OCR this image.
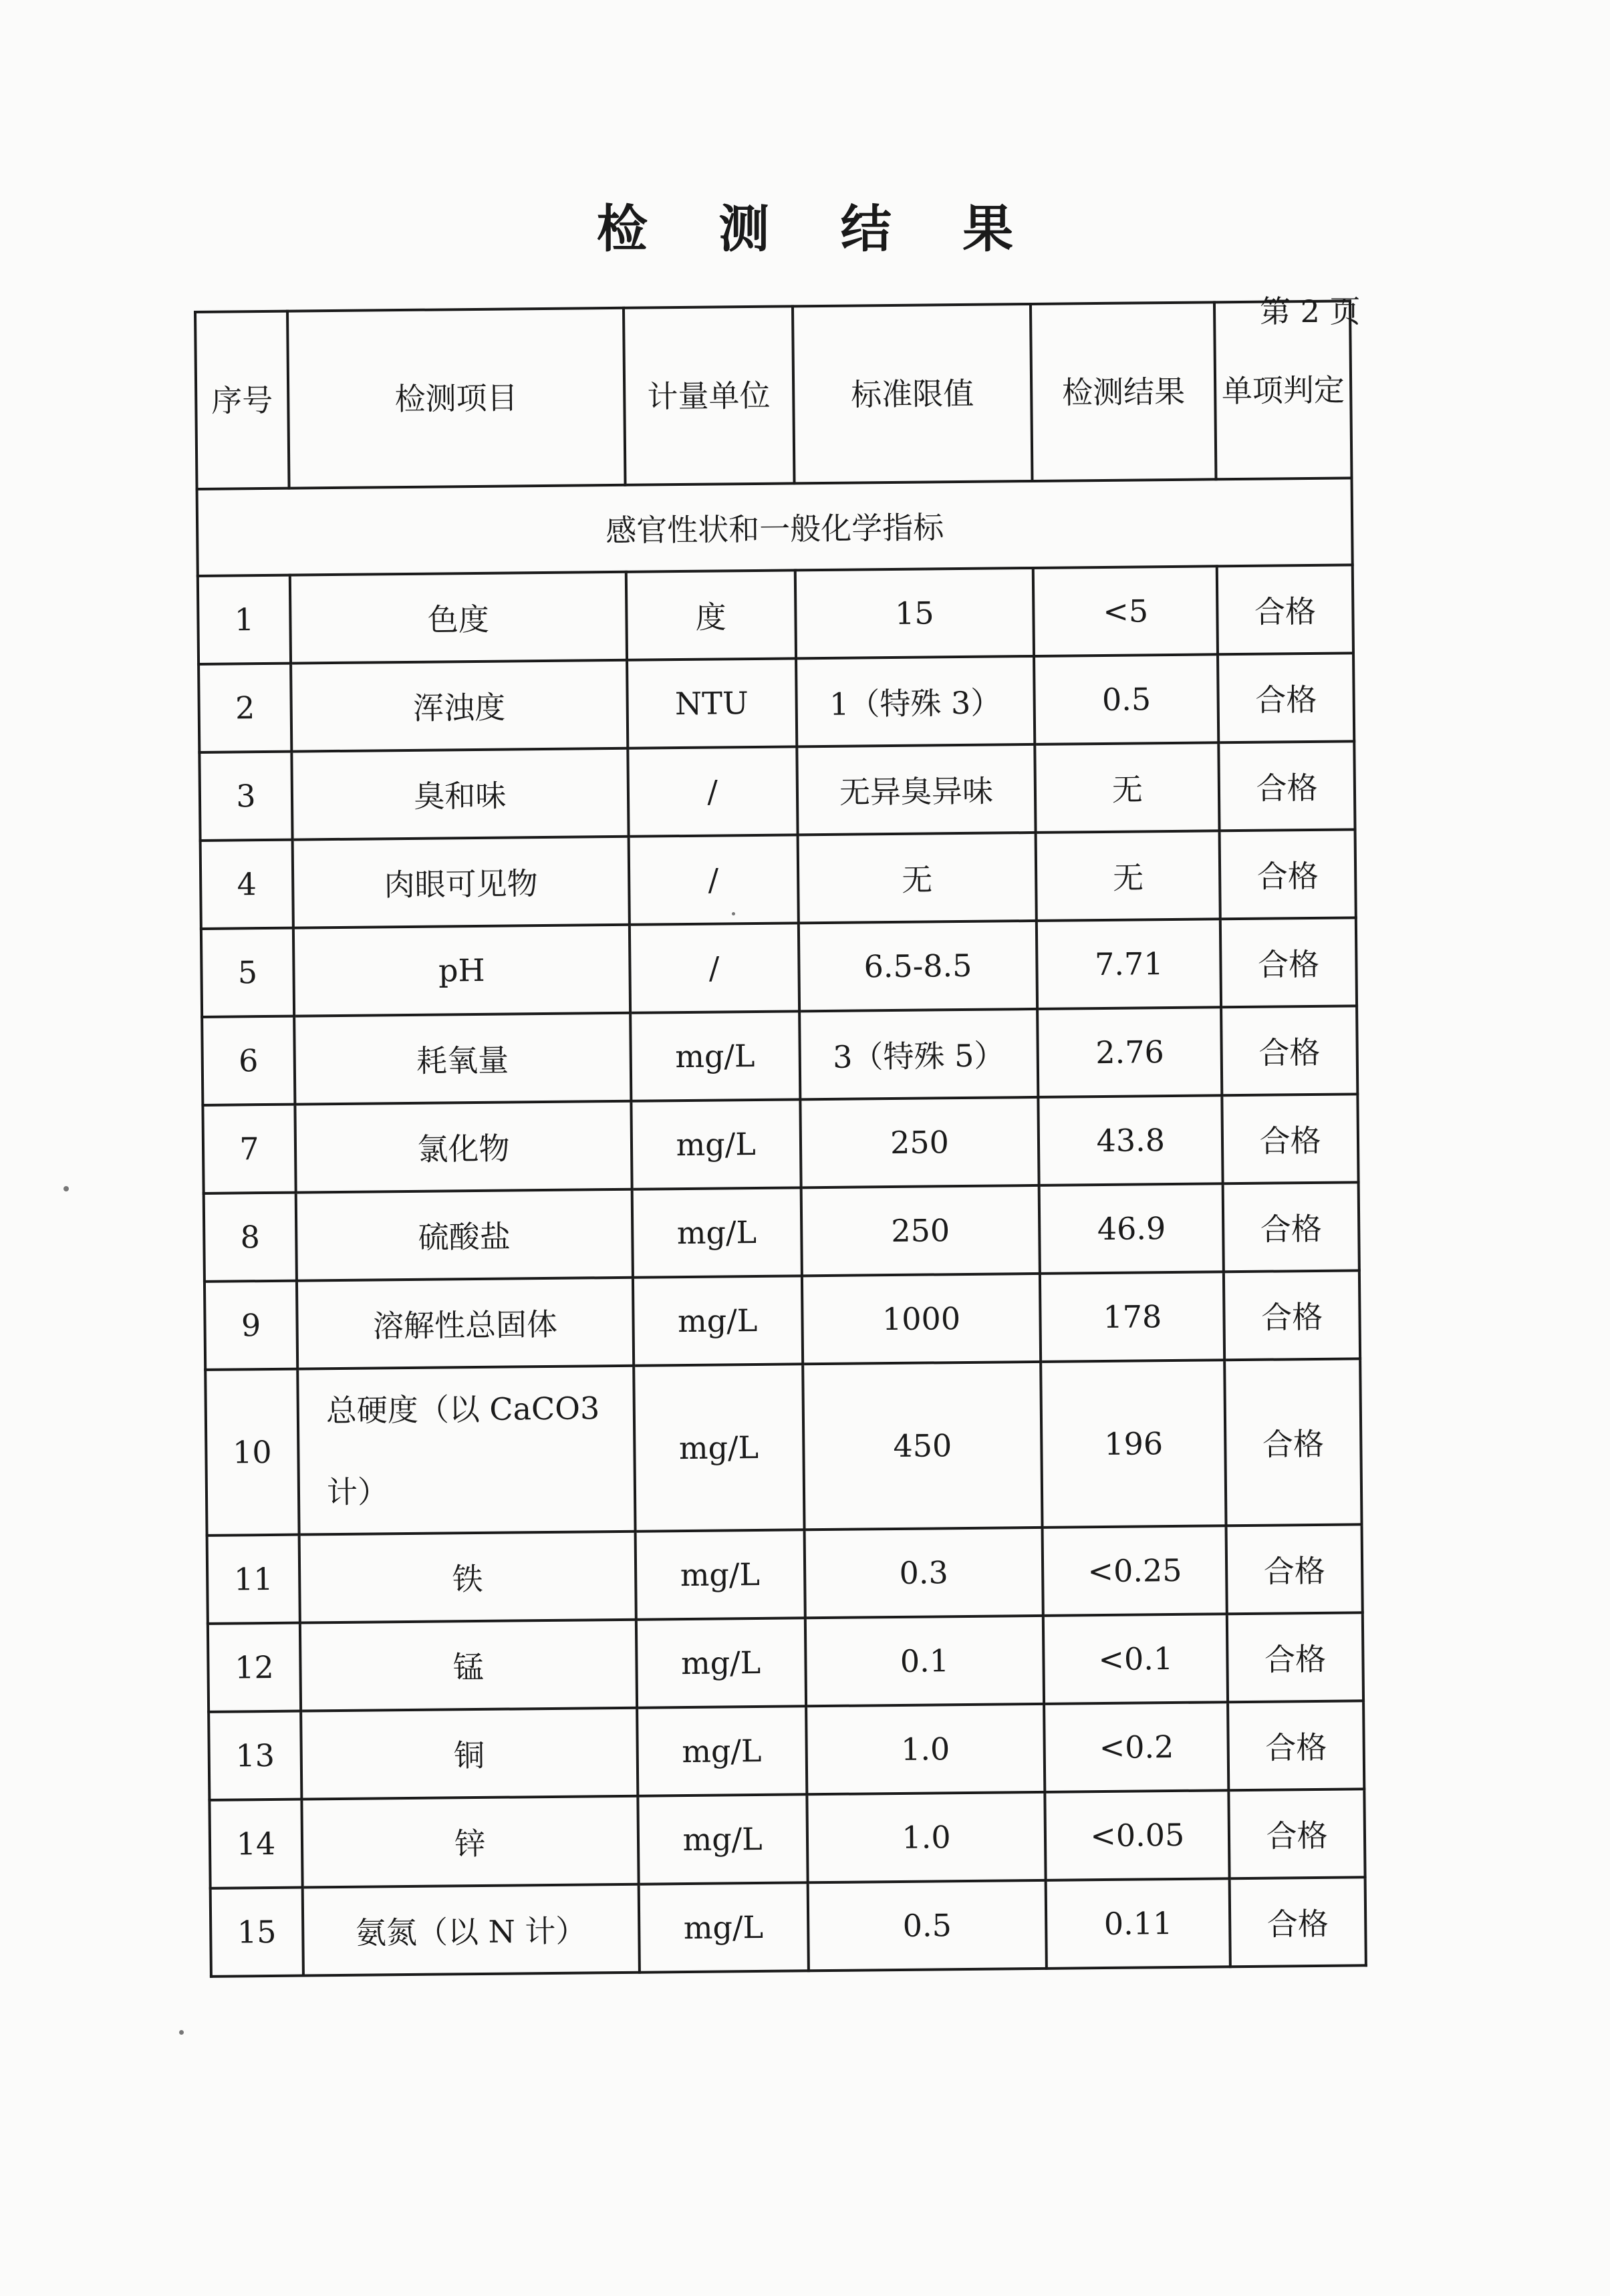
检 测 结 果
第 2 页
序号	检测项目	计量单位	标准限值	检测结果	单项判定
感官性状和一般化学指标					
1	色度	度	15	<5	合格
2	浑浊度	NTU	1（特殊 3）	0.5	合格
3	臭和味	/	无异臭异味	无	合格
4	肉眼可见物	/	无	无	合格
5	pH	/	6.5-8.5	7.71	合格
6	耗氧量	mg/L	3（特殊 5）	2.76	合格
7	氯化物	mg/L	250	43.8	合格
8	硫酸盐	mg/L	250	46.9	合格
9	溶解性总固体	mg/L	1000	178	合格
10	总硬度（以 CaCO3 计）	mg/L	450	196	合格
11	铁	mg/L	0.3	<0.25	合格
12	锰	mg/L	0.1	<0.1	合格
13	铜	mg/L	1.0	<0.2	合格
14	锌	mg/L	1.0	<0.05	合格
15	氨氮（以 N 计）	mg/L	0.5	0.11	合格
